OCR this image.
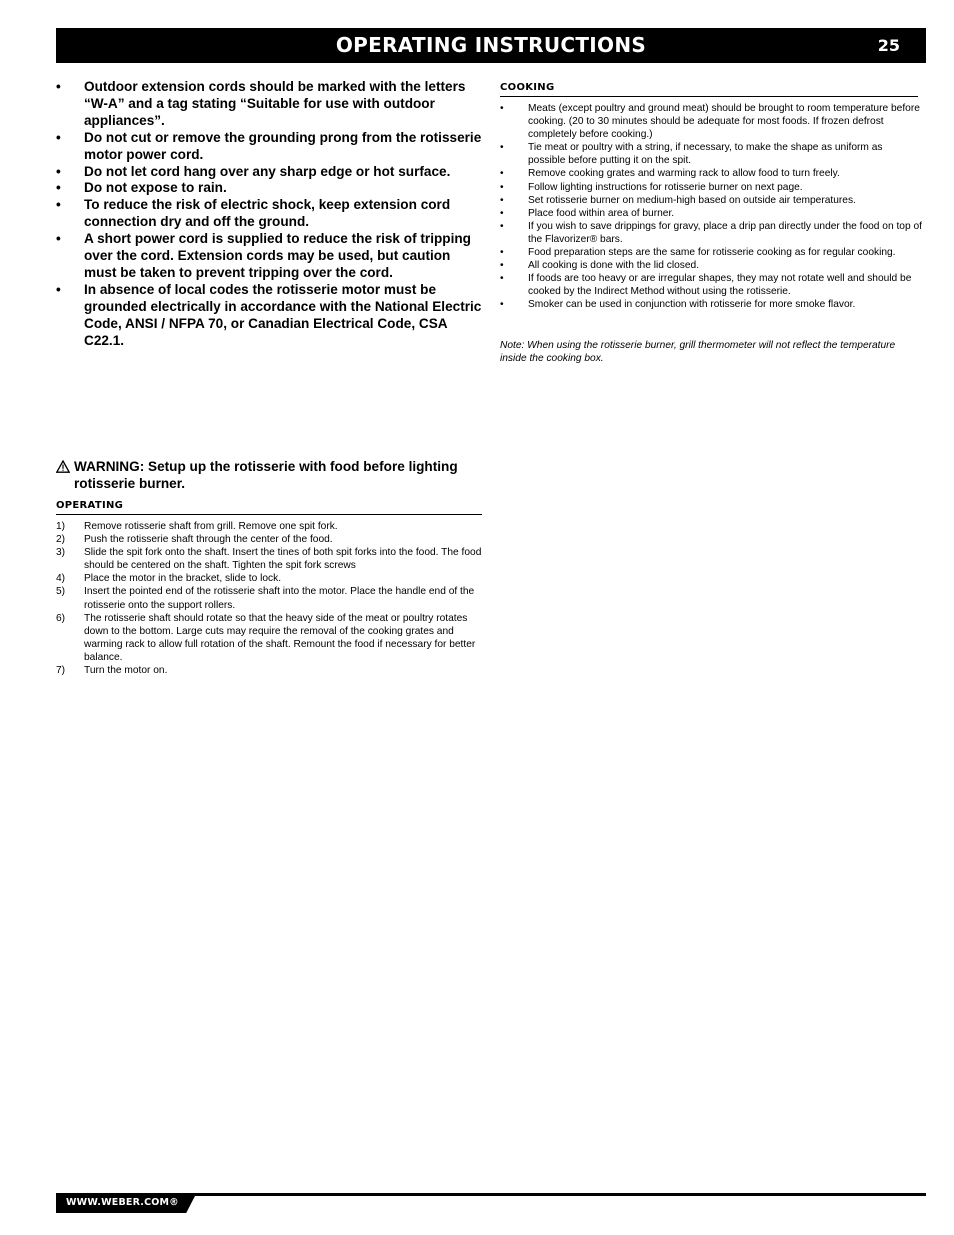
OPERATING INSTRUCTIONS	25
• Outdoor extension cords should be marked with the letters “W-A” and a tag stating “Suitable for use with outdoor appliances”.
• Do not cut or remove the grounding prong from the rotisserie motor power cord.
• Do not let cord hang over any sharp edge or hot surface.
• Do not expose to rain.
• To reduce the risk of electric shock, keep extension cord connection dry and off the ground.
• A short power cord is supplied to reduce the risk of tripping over the cord. Extension cords may be used, but caution must be taken to prevent tripping over the cord.
• In absence of local codes the rotisserie motor must be grounded electrically in accordance with the National Electric Code, ANSI / NFPA 70, or Canadian Electrical Code, CSA C22.1.
WARNING: Setup up the rotisserie with food before lighting rotisserie burner.
OPERATING
1) Remove rotisserie shaft from grill. Remove one spit fork.
2) Push the rotisserie shaft through the center of the food.
3) Slide the spit fork onto the shaft. Insert the tines of both spit forks into the food. The food should be centered on the shaft. Tighten the spit fork screws
4) Place the motor in the bracket, slide to lock.
5) Insert the pointed end of the rotisserie shaft into the motor. Place the handle end of the rotisserie onto the support rollers.
6) The rotisserie shaft should rotate so that the heavy side of the meat or poultry rotates down to the bottom. Large cuts may require the removal of the cooking grates and warming rack to allow full rotation of the shaft. Remount the food if necessary for better balance.
7) Turn the motor on.
COOKING
• Meats (except poultry and ground meat) should be brought to room temperature before cooking. (20 to 30 minutes should be adequate for most foods. If frozen defrost completely before cooking.)
• Tie meat or poultry with a string, if necessary, to make the shape as uniform as possible before putting it on the spit.
• Remove cooking grates and warming rack to allow food to turn freely.
• Follow lighting instructions for rotisserie burner on next page.
• Set rotisserie burner on medium-high based on outside air temperatures.
• Place food within area of burner.
• If you wish to save drippings for gravy, place a drip pan directly under the food on top of the Flavorizer® bars.
• Food preparation steps are the same for rotisserie cooking as for regular cooking.
• All cooking is done with the lid closed.
• If foods are too heavy or are irregular shapes, they may not rotate well and should be cooked by the Indirect Method without using the rotisserie.
• Smoker can be used in conjunction with rotisserie for more smoke flavor.
Note: When using the rotisserie burner, grill thermometer will not reflect the temperature inside the cooking box.
WWW.WEBER.COM®
